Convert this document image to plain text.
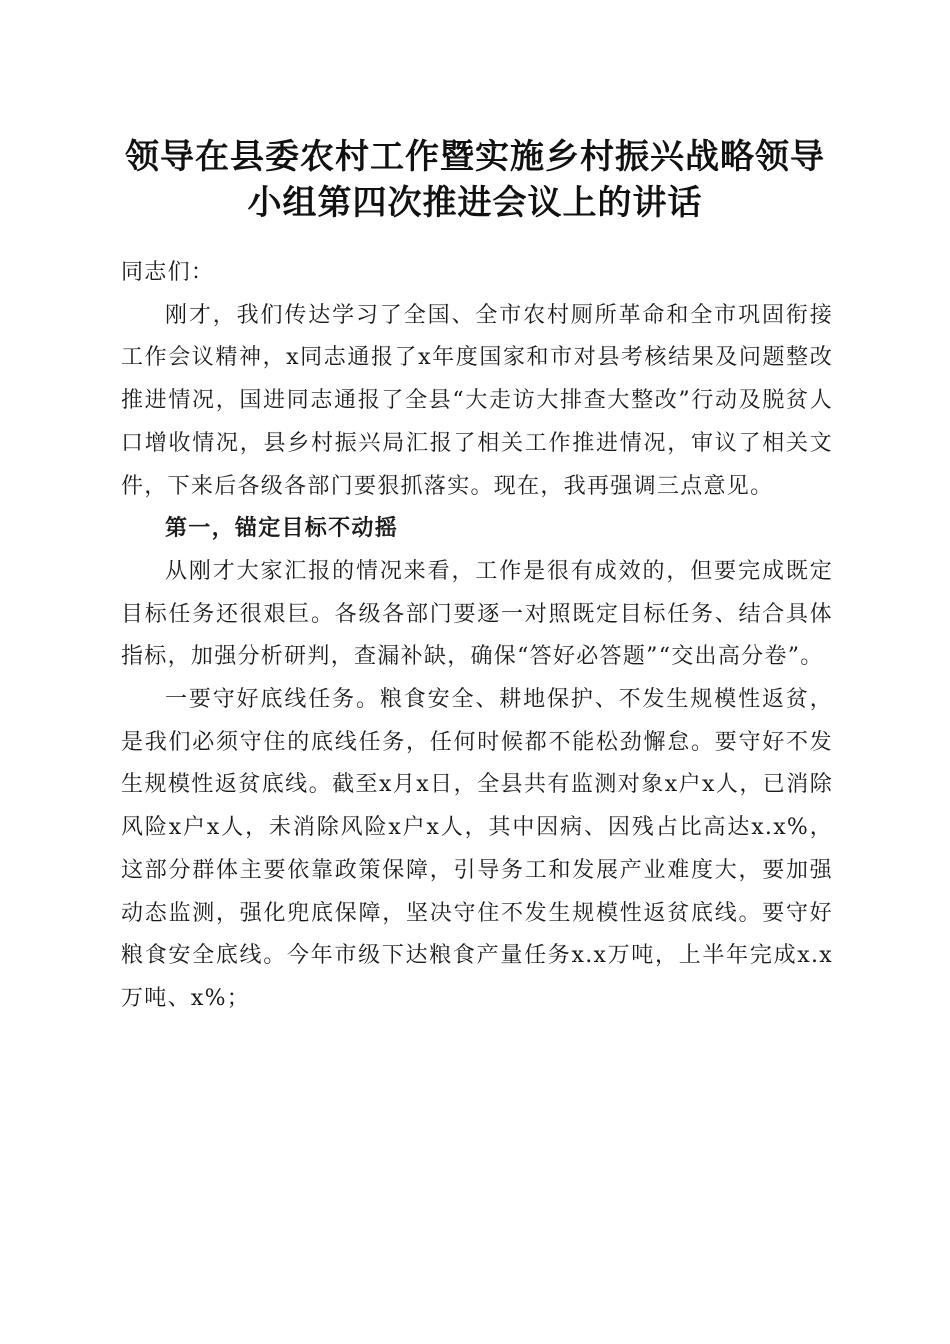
领导在县委农村工作暨实施乡村振兴战略领导
小组第四次推进会议上的讲话

同志们：

刚才，我们传达学习了全国、全市农村厕所革命和全市巩固衔接工作会议精神，x同志通报了x年度国家和市对县考核结果及问题整改推进情况，国进同志通报了全县“大走访大排查大整改”行动及脱贫人口增收情况，县乡村振兴局汇报了相关工作推进情况，审议了相关文件，下来后各级各部门要狠抓落实。现在，我再强调三点意见。

第一，锚定目标不动摇

从刚才大家汇报的情况来看，工作是很有成效的，但要完成既定目标任务还很艰巨。各级各部门要逐一对照既定目标任务、结合具体指标，加强分析研判，查漏补缺，确保“答好必答题”“交出高分卷”。

一要守好底线任务。粮食安全、耕地保护、不发生规模性返贫，是我们必须守住的底线任务，任何时候都不能松劲懈怠。要守好不发生规模性返贫底线。截至x月x日，全县共有监测对象x户x人，已消除风险x户x人，未消除风险x户x人，其中因病、因残占比高达x.x%，这部分群体主要依靠政策保障，引导务工和发展产业难度大，要加强动态监测，强化兜底保障，坚决守住不发生规模性返贫底线。要守好粮食安全底线。今年市级下达粮食产量任务x.x万吨，上半年完成x.x万吨、x%；
